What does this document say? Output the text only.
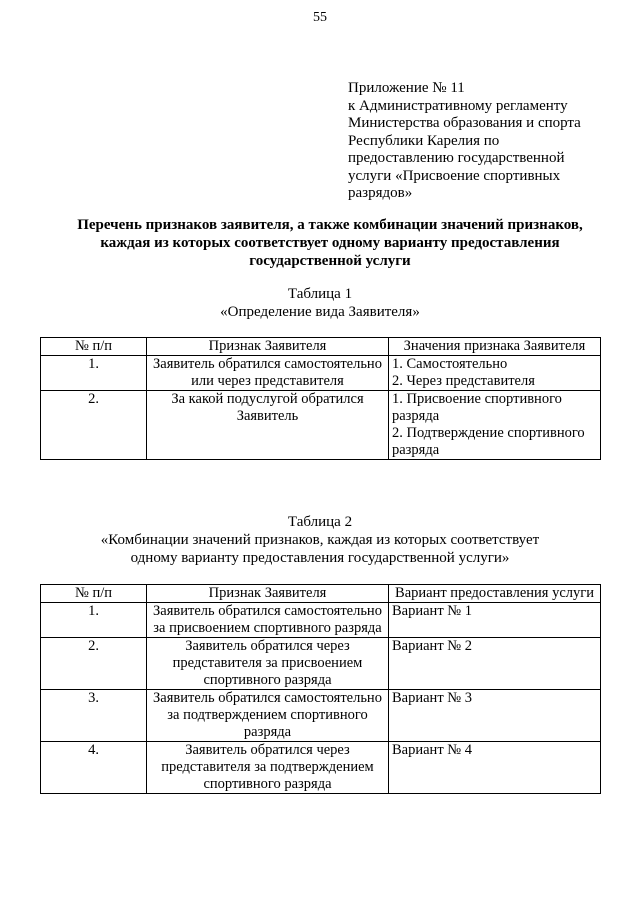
55
Приложение № 11
к Административному регламенту
Министерства образования и спорта
Республики Карелия по
предоставлению государственной
услуги «Присвоение спортивных
разрядов»
Перечень признаков заявителя, а также комбинации значений признаков,
каждая из которых соответствует одному варианту предоставления
государственной услуги
Таблица 1
«Определение вида Заявителя»
№ п/п	Признак Заявителя	Значения признака Заявителя
1.	Заявитель обратился самостоятельно или через представителя	1. Самостоятельно
2. Через представителя

2.	За какой подуслугой обратился Заявитель	1. Присвоение спортивного
разряда
2. Подтверждение спортивного
разряда
Таблица 2
«Комбинации значений признаков, каждая из которых соответствует
одному варианту предоставления государственной услуги»
№ п/п	Признак Заявителя	Вариант предоставления услуги
1.	Заявитель обратился самостоятельно за присвоением спортивного разряда	Вариант № 1
2.	Заявитель обратился через представителя за присвоением спортивного разряда	Вариант № 2
3.	Заявитель обратился самостоятельно за подтверждением спортивного разряда	Вариант № 3
4.	Заявитель обратился через представителя за подтверждением спортивного разряда	Вариант № 4
